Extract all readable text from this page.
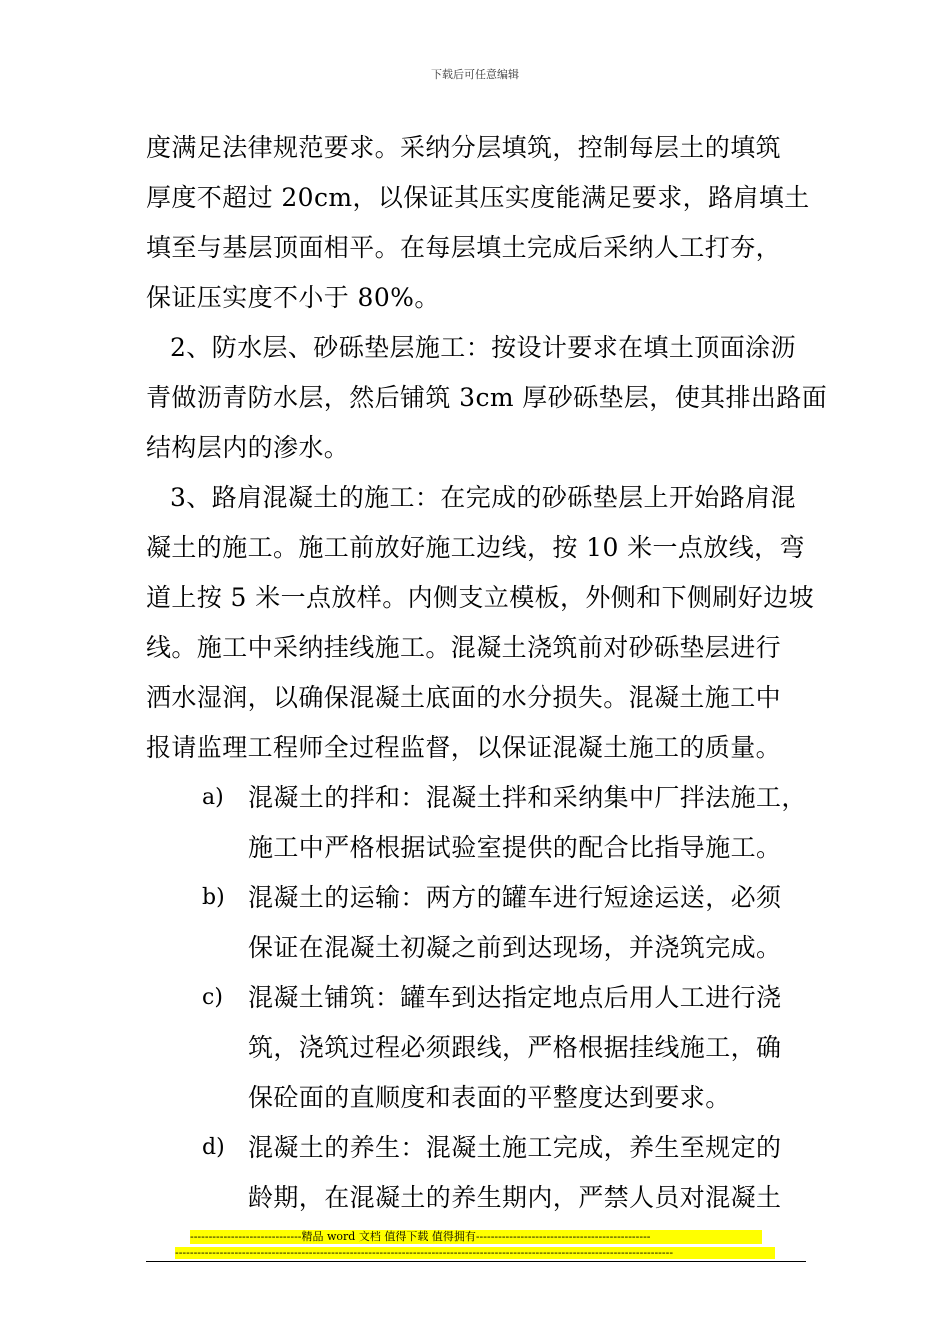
下载后可任意编辑
度满足法律规范要求。采纳分层填筑，控制每层土的填筑
厚度不超过 20cm，以保证其压实度能满足要求，路肩填土
填至与基层顶面相平。在每层填土完成后采纳人工打夯，
保证压实度不小于 80%。
2、防水层、砂砾垫层施工：按设计要求在填土顶面涂沥
青做沥青防水层，然后铺筑 3cm 厚砂砾垫层，使其排出路面
结构层内的渗水。
3、路肩混凝土的施工：在完成的砂砾垫层上开始路肩混
凝土的施工。施工前放好施工边线，按 10 米一点放线，弯
道上按 5 米一点放样。内侧支立模板，外侧和下侧刷好边坡
线。施工中采纳挂线施工。混凝土浇筑前对砂砾垫层进行
洒水湿润，以确保混凝土底面的水分损失。混凝土施工中
报请监理工程师全过程监督，以保证混凝土施工的质量。
a) 混凝土的拌和：混凝土拌和采纳集中厂拌法施工，
施工中严格根据试验室提供的配合比指导施工。
b) 混凝土的运输：两方的罐车进行短途运送，必须
保证在混凝土初凝之前到达现场，并浇筑完成。
c) 混凝土铺筑：罐车到达指定地点后用人工进行浇
筑，浇筑过程必须跟线，严格根据挂线施工，确
保砼面的直顺度和表面的平整度达到要求。
d) 混凝土的养生：混凝土施工完成，养生至规定的
龄期，在混凝土的养生期内，严禁人员对混凝土
------------------------------精品 word 文档 值得下载 值得拥有-----------------------------------------------
--------------------------------------------------------------------------------------------------------------------------------------
